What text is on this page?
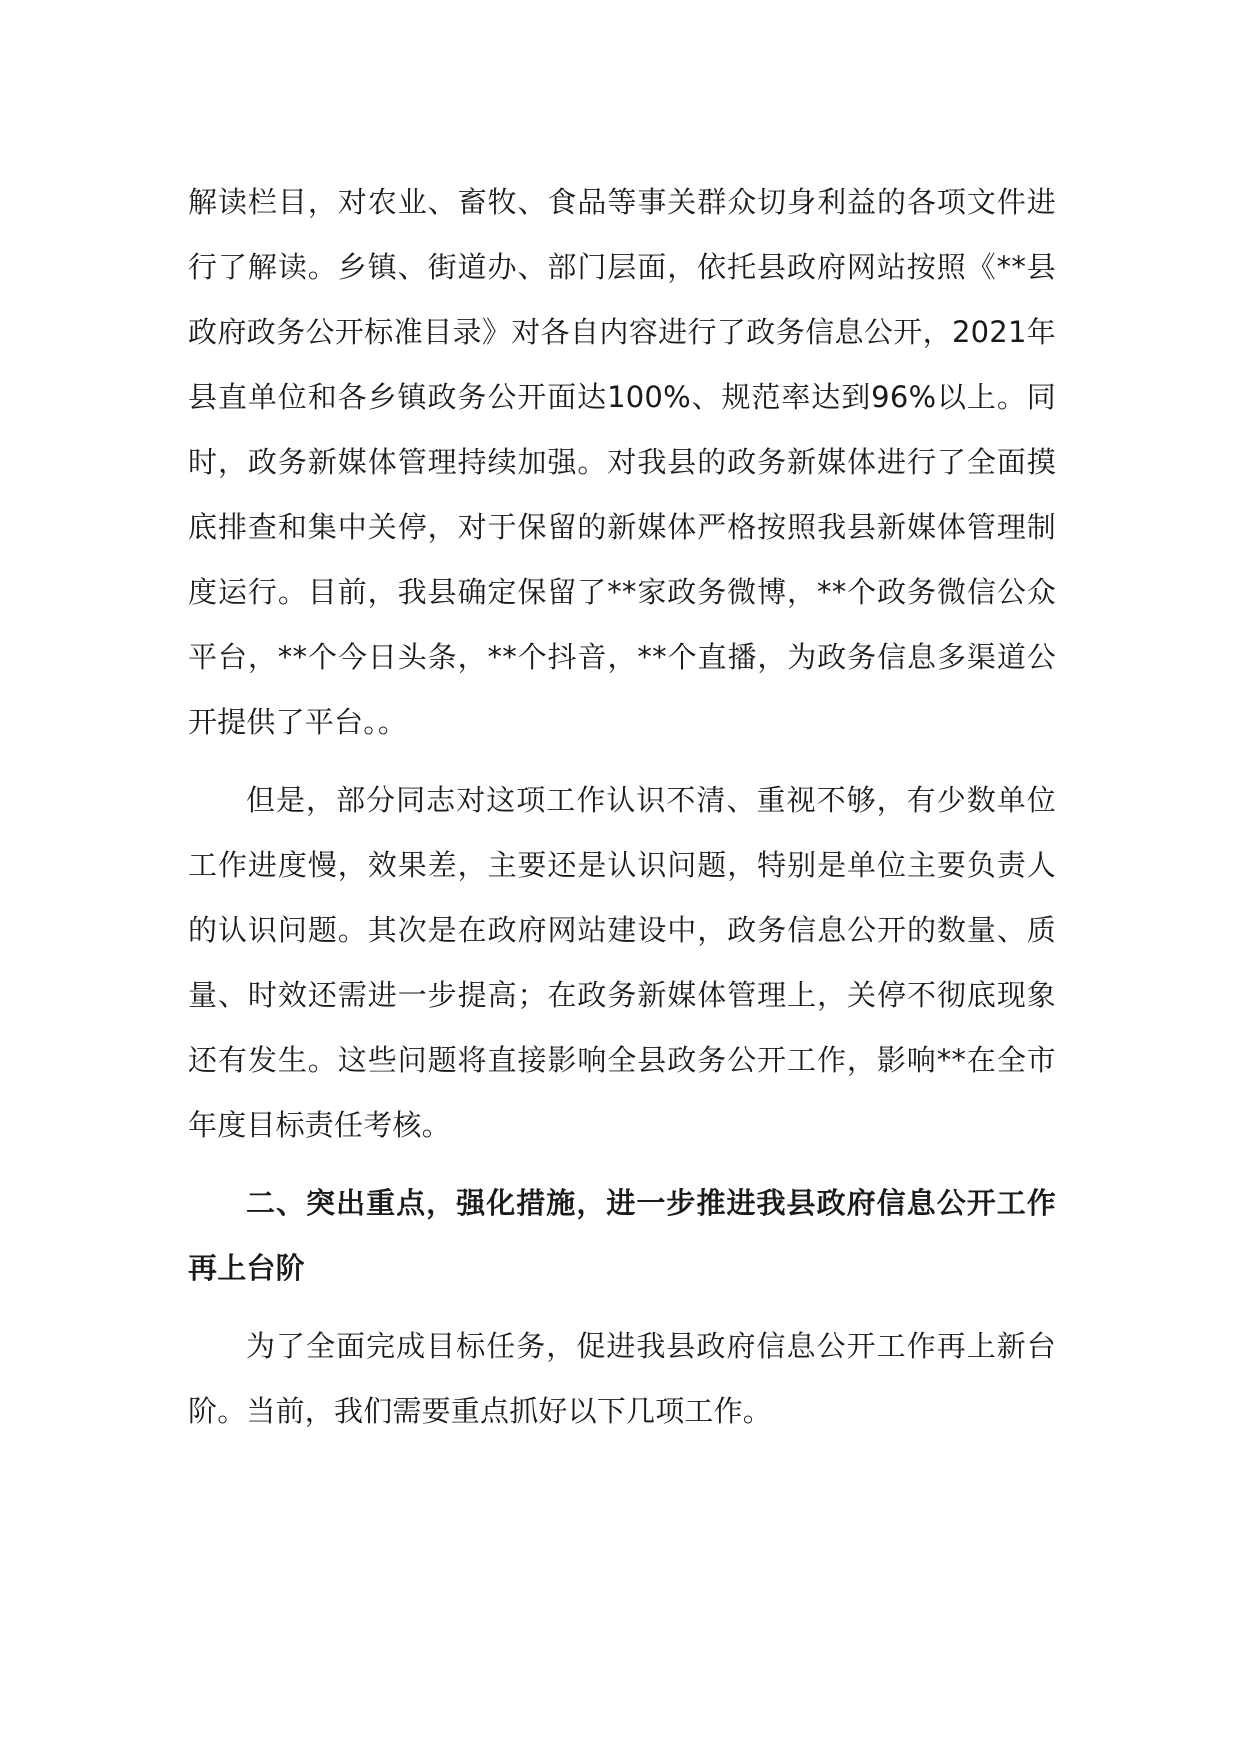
解读栏目，对农业、畜牧、食品等事关群众切身利益的各项文件进行了解读。乡镇、街道办、部门层面，依托县政府网站按照《**县政府政务公开标准目录》对各自内容进行了政务信息公开，2021年县直单位和各乡镇政务公开面达100%、规范率达到96%以上。同时，政务新媒体管理持续加强。对我县的政务新媒体进行了全面摸底排查和集中关停，对于保留的新媒体严格按照我县新媒体管理制度运行。目前，我县确定保留了**家政务微博，**个政务微信公众平台，**个今日头条，**个抖音，**个直播，为政务信息多渠道公开提供了平台。。

但是，部分同志对这项工作认识不清、重视不够，有少数单位工作进度慢，效果差，主要还是认识问题，特别是单位主要负责人的认识问题。其次是在政府网站建设中，政务信息公开的数量、质量、时效还需进一步提高；在政务新媒体管理上，关停不彻底现象还有发生。这些问题将直接影响全县政务公开工作，影响**在全市年度目标责任考核。

二、突出重点，强化措施，进一步推进我县政府信息公开工作再上台阶

为了全面完成目标任务，促进我县政府信息公开工作再上新台阶。当前，我们需要重点抓好以下几项工作。
